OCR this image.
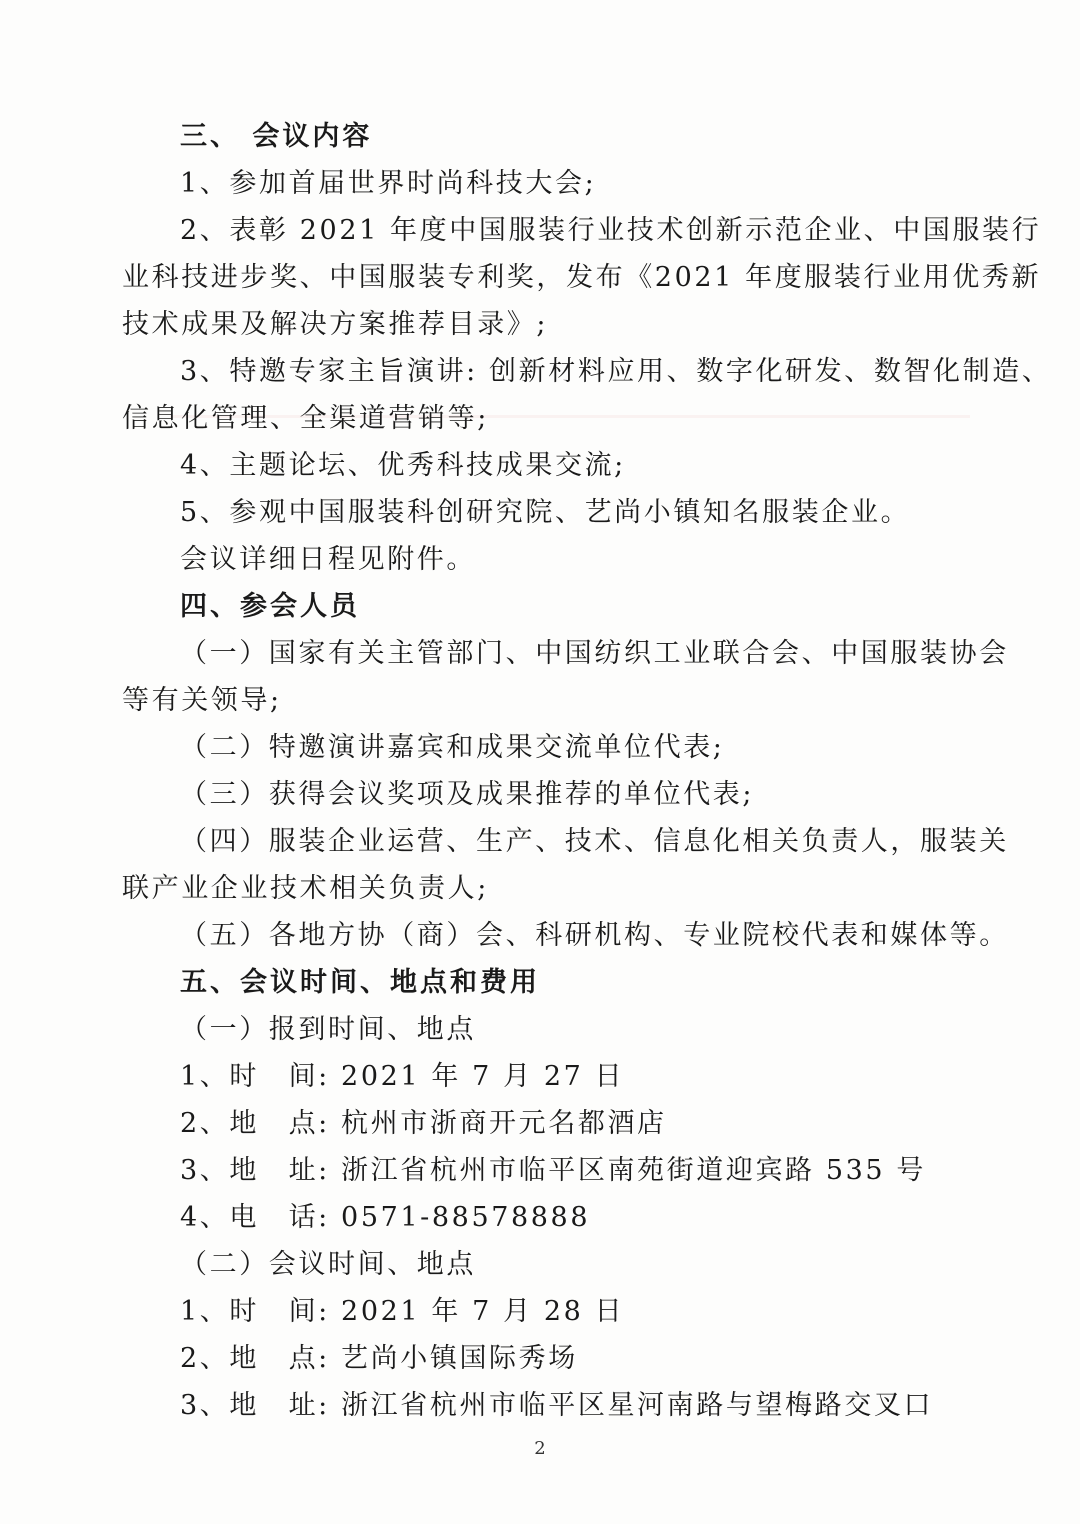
三、 会议内容
1、参加首届世界时尚科技大会;
2、表彰 2021 年度中国服装行业技术创新示范企业、中国服装行
业科技进步奖、中国服装专利奖，发布《2021 年度服装行业用优秀新
技术成果及解决方案推荐目录》;
3、特邀专家主旨演讲: 创新材料应用、数字化研发、数智化制造、
信息化管理、全渠道营销等;
4、主题论坛、优秀科技成果交流;
5、参观中国服装科创研究院、艺尚小镇知名服装企业。
会议详细日程见附件。
四、参会人员
（一）国家有关主管部门、中国纺织工业联合会、中国服装协会
等有关领导;
（二）特邀演讲嘉宾和成果交流单位代表;
（三）获得会议奖项及成果推荐的单位代表;
（四）服装企业运营、生产、技术、信息化相关负责人，服装关
联产业企业技术相关负责人;
（五）各地方协（商）会、科研机构、专业院校代表和媒体等。
五、会议时间、地点和费用
（一）报到时间、地点
1、时　间: 2021 年 7 月 27 日
2、地　点: 杭州市浙商开元名都酒店
3、地　址: 浙江省杭州市临平区南苑街道迎宾路 535 号
4、电　话: 0571-88578888
（二）会议时间、地点
1、时　间: 2021 年 7 月 28 日
2、地　点: 艺尚小镇国际秀场
3、地　址: 浙江省杭州市临平区星河南路与望梅路交叉口
2
